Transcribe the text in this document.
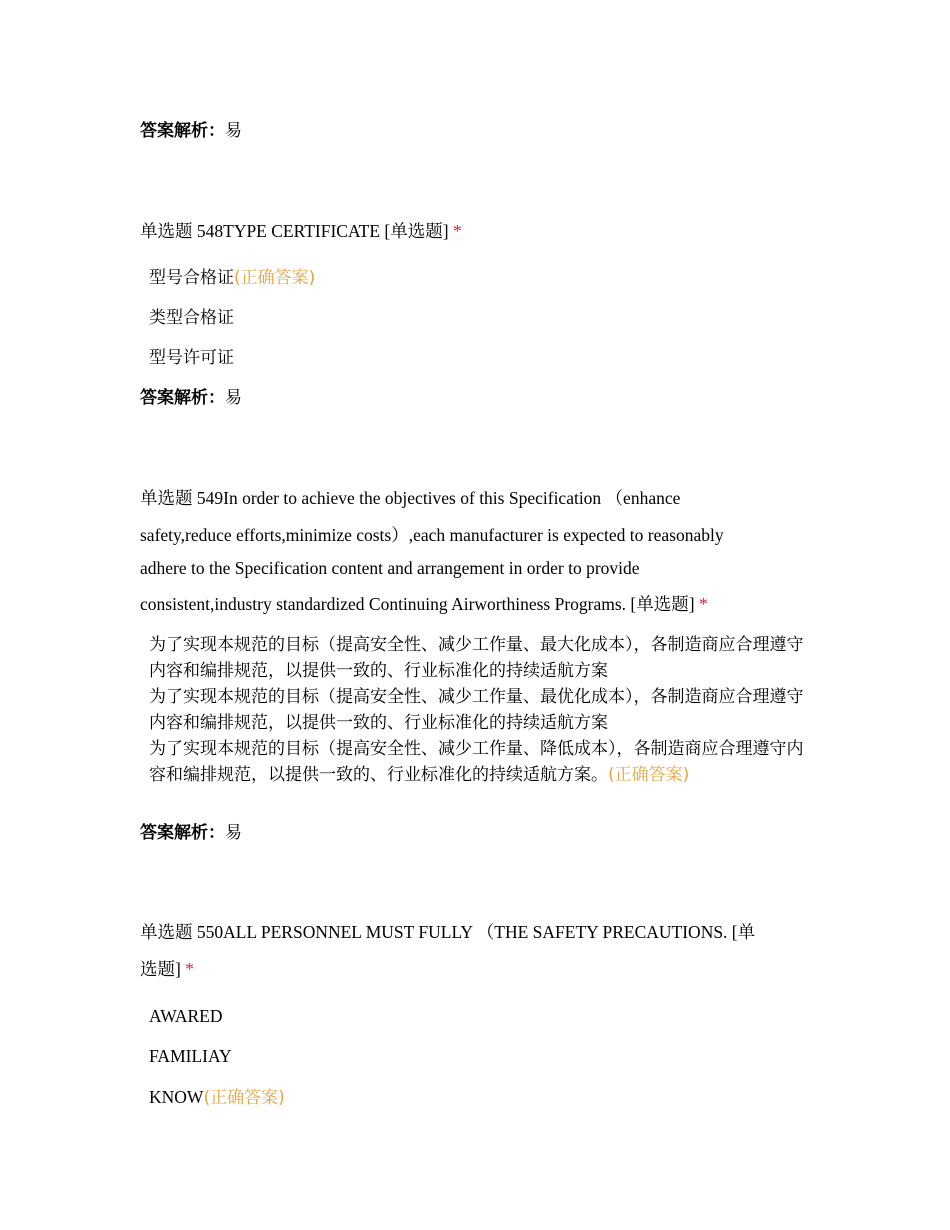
答案解析：易
单选题 548TYPE CERTIFICATE [单选题] *
型号合格证(正确答案)
类型合格证
型号许可证
答案解析：易
单选题 549In order to achieve the objectives of this Specification （enhance
safety,reduce efforts,minimize costs）,each manufacturer is expected to reasonably
adhere to the Specification content and arrangement in order to provide
consistent,industry standardized Continuing Airworthiness Programs. [单选题] *
为了实现本规范的目标（提高安全性、减少工作量、最大化成本），各制造商应合理遵守内容和编排规范，以提供一致的、行业标准化的持续适航方案
为了实现本规范的目标（提高安全性、减少工作量、最优化成本），各制造商应合理遵守内容和编排规范，以提供一致的、行业标准化的持续适航方案
为了实现本规范的目标（提高安全性、减少工作量、降低成本），各制造商应合理遵守内容和编排规范，以提供一致的、行业标准化的持续适航方案。(正确答案)
答案解析：易
单选题 550ALL PERSONNEL MUST FULLY （THE SAFETY PRECAUTIONS. [单
选题] *
AWARED
FAMILIAY
KNOW(正确答案)
